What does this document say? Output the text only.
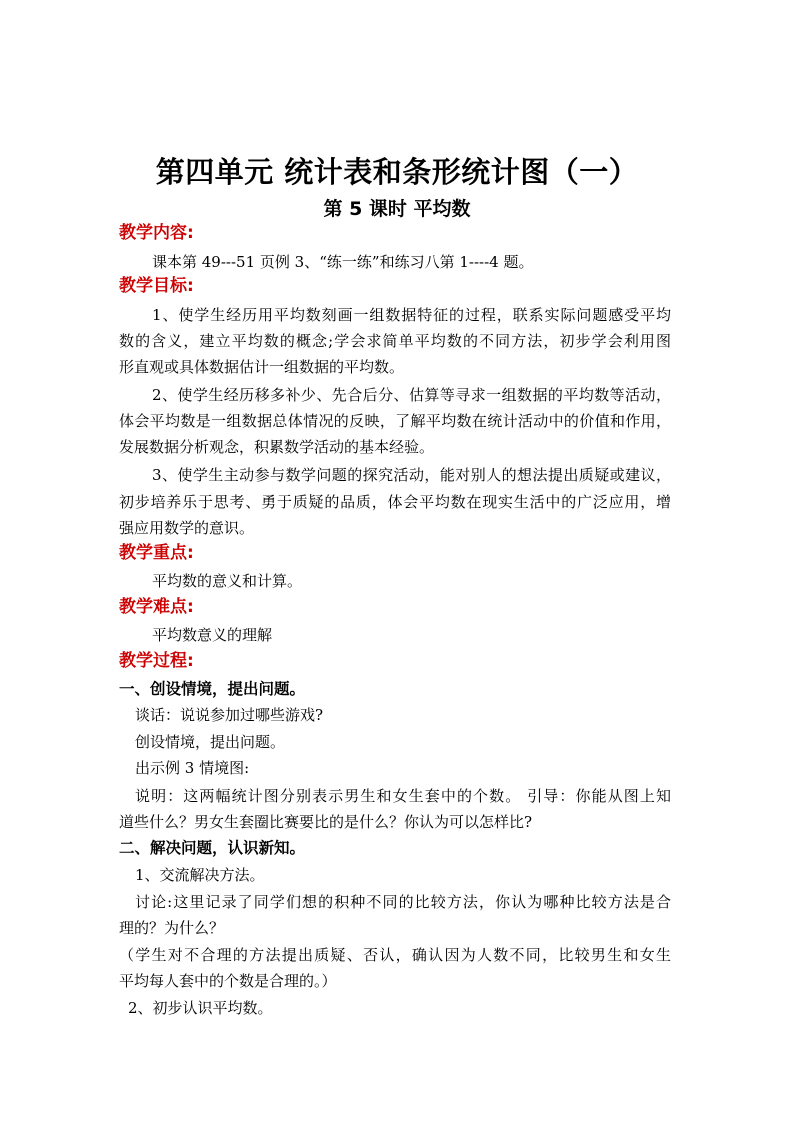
第四单元 统计表和条形统计图（一）
第 5 课时 平均数
教学内容:
课本第 49---51 页例 3、“练一练”和练习八第 1----4 题。
教学目标:
1、使学生经历用平均数刻画一组数据特征的过程，联系实际问题感受平均
数的含义，建立平均数的概念;学会求简单平均数的不同方法，初步学会利用图
形直观或具体数据估计一组数据的平均数。
2、使学生经历移多补少、先合后分、估算等寻求一组数据的平均数等活动，
体会平均数是一组数据总体情况的反映，了解平均数在统计活动中的价值和作用，
发展数据分析观念，积累数学活动的基本经验。
3、使学生主动参与数学问题的探究活动，能对别人的想法提出质疑或建议，
初步培养乐于思考、勇于质疑的品质，体会平均数在现实生活中的广泛应用，增
强应用数学的意识。
教学重点:
平均数的意义和计算。
教学难点:
平均数意义的理解
教学过程:
一、创设情境，提出问题。
谈话：说说参加过哪些游戏?
创设情境，提出问题。
出示例 3 情境图:
说明：这两幅统计图分别表示男生和女生套中的个数。 引导：你能从图上知
道些什么？男女生套圈比赛要比的是什么？你认为可以怎样比?
二、解决问题，认识新知。
1、交流解决方法。
讨论:这里记录了同学们想的积种不同的比较方法，你认为哪种比较方法是合
理的？为什么？
（学生对不合理的方法提出质疑、否认，确认因为人数不同，比较男生和女生
平均每人套中的个数是合理的。）
2、初步认识平均数。
